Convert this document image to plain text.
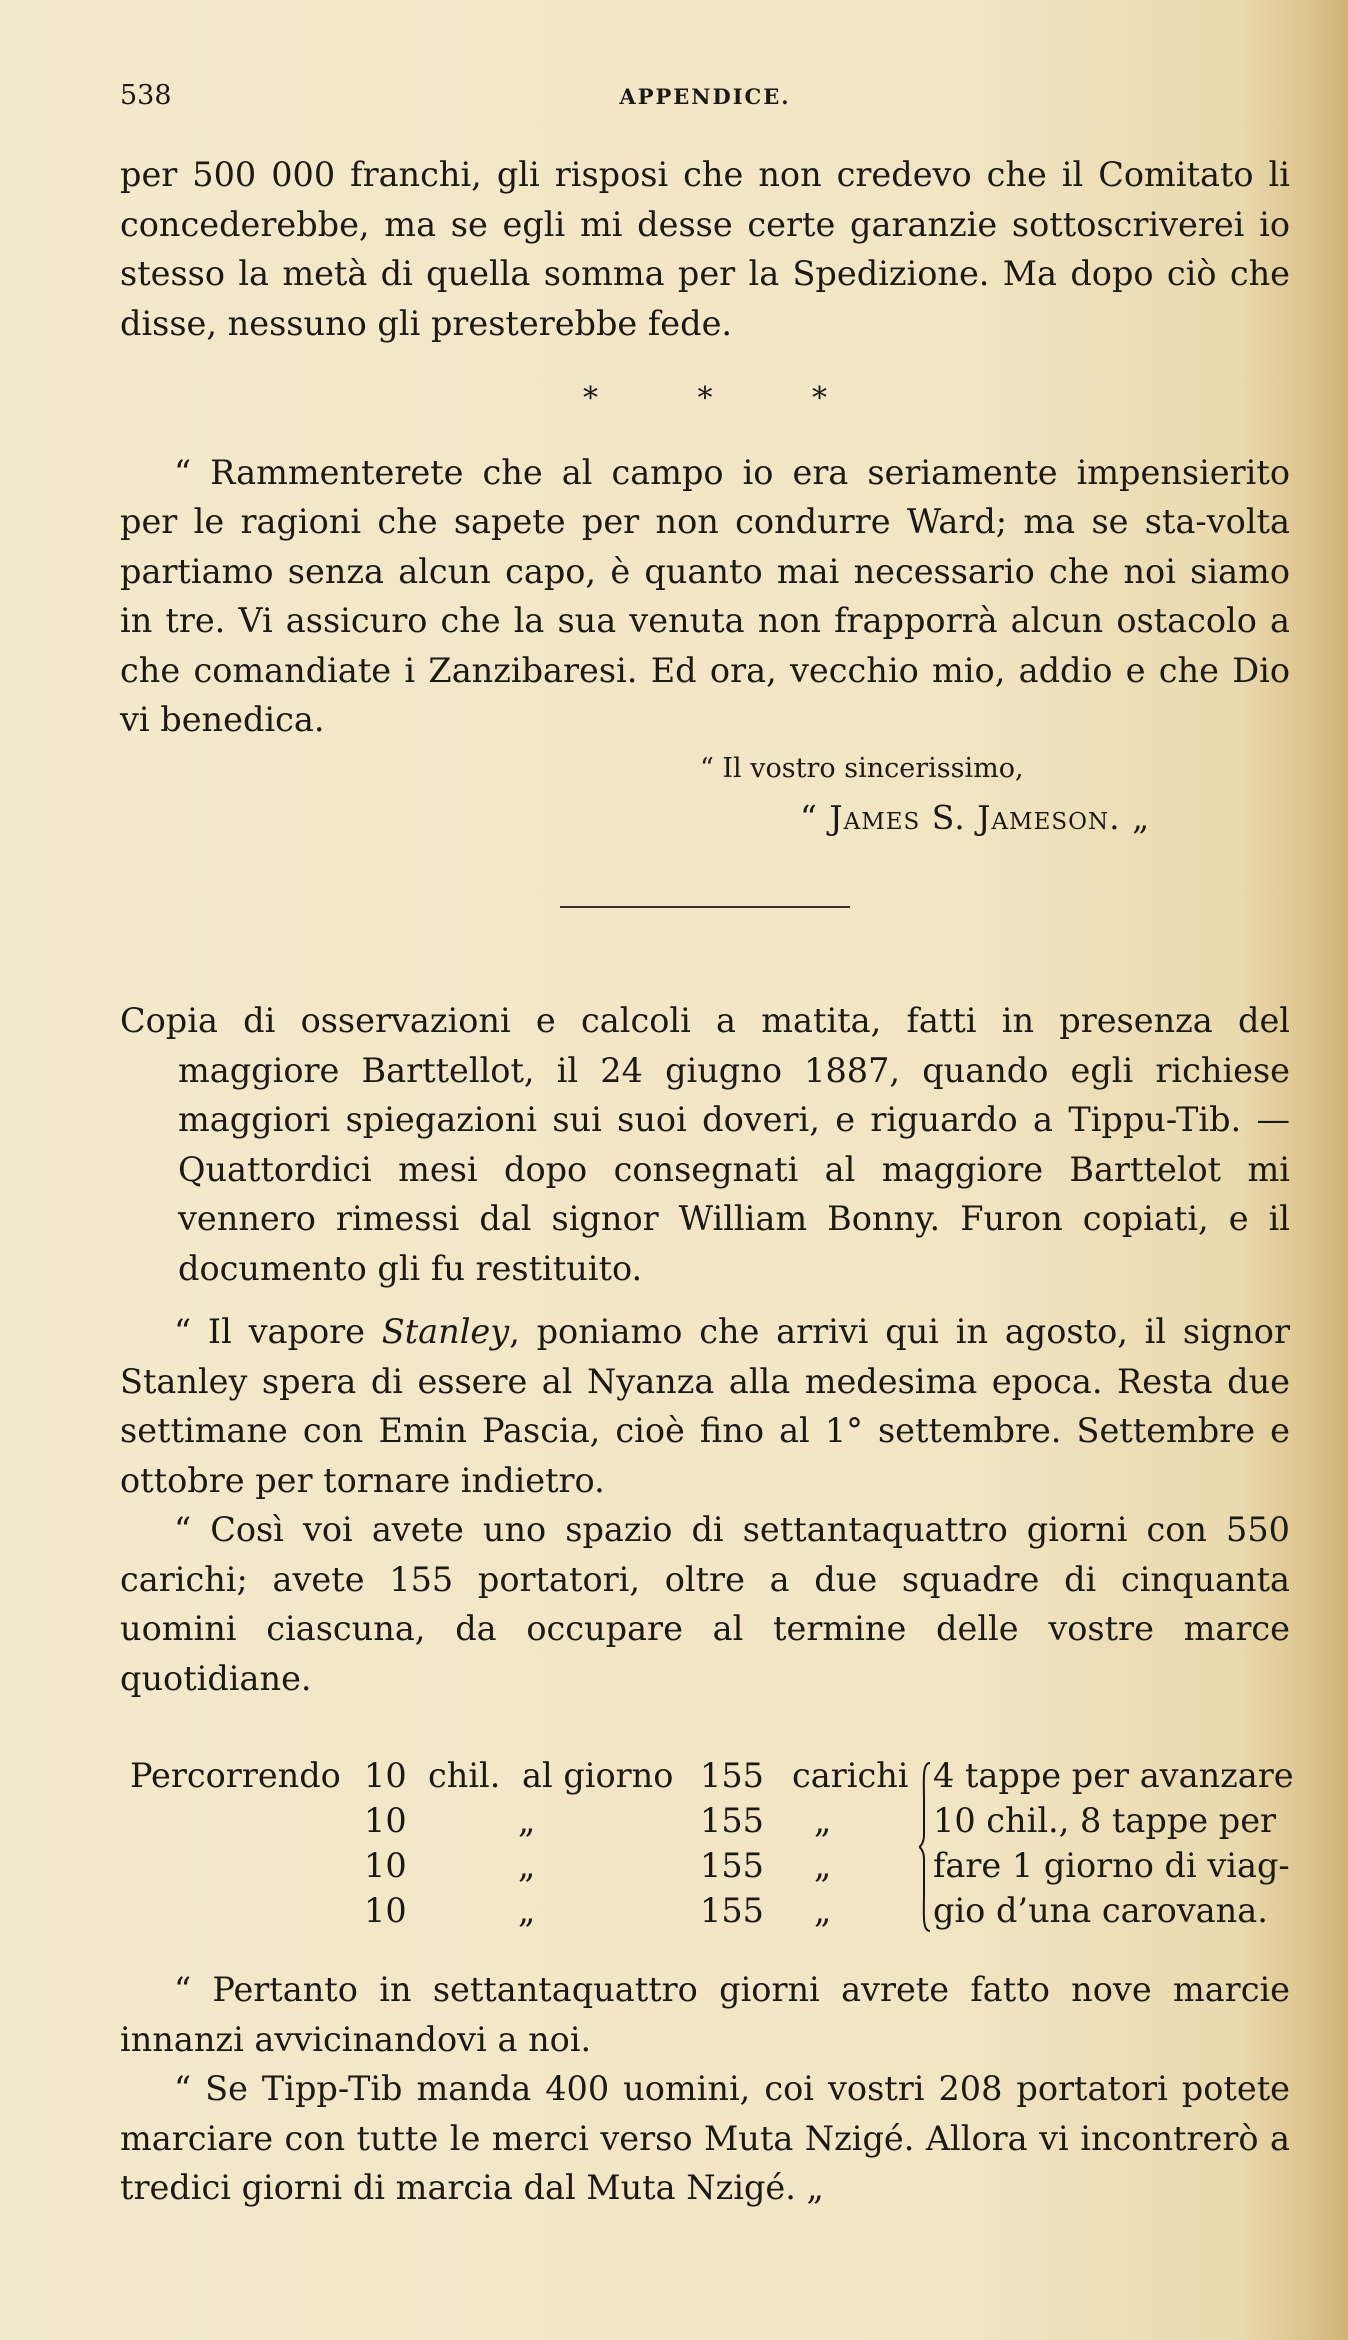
538	APPENDICE.

per 500 000 franchi, gli risposi che non credevo che il Comitato li concederebbe, ma se egli mi desse certe garanzie sottoscriverei io stesso la metà di quella somma per la Spedizione. Ma dopo ciò che disse, nessuno gli presterebbe fede.

* * *

“ Rammenterete che al campo io era seriamente impensierito per le ragioni che sapete per non condurre Ward; ma se sta-volta partiamo senza alcun capo, è quanto mai necessario che noi siamo in tre. Vi assicuro che la sua venuta non frapporrà alcun ostacolo a che comandiate i Zanzibaresi. Ed ora, vecchio mio, addio e che Dio vi benedica.

“ Il vostro sincerissimo,

“ James S. Jameson. „

Copia di osservazioni e calcoli a matita, fatti in presenza del maggiore Barttellot, il 24 giugno 1887, quando egli richiese maggiori spiegazioni sui suoi doveri, e riguardo a Tippu-Tib. — Quattordici mesi dopo consegnati al maggiore Barttelot mi vennero rimessi dal signor William Bonny. Furon copiati, e il documento gli fu restituito.

“ Il vapore Stanley, poniamo che arrivi qui in agosto, il signor Stanley spera di essere al Nyanza alla medesima epoca. Resta due settimane con Emin Pascia, cioè fino al 1° settembre. Settembre e ottobre per tornare indietro.

“ Così voi avete uno spazio di settantaquattro giorni con 550 carichi; avete 155 portatori, oltre a due squadre di cinquanta uomini ciascuna, da occupare al termine delle vostre marce quotidiane.

Percorrendo 10 chil. al giorno 155 carichi
10	„	155 „
10	„	155 „
10	„	155 „
4 tappe per avanzare
10 chil., 8 tappe per
fare 1 giorno di viag-
gio d’una carovana.

“ Pertanto in settantaquattro giorni avrete fatto nove marcie innanzi avvicinandovi a noi.

“ Se Tipp-Tib manda 400 uomini, coi vostri 208 portatori potete marciare con tutte le merci verso Muta Nzigé. Allora vi incontrerò a tredici giorni di marcia dal Muta Nzigé. „
